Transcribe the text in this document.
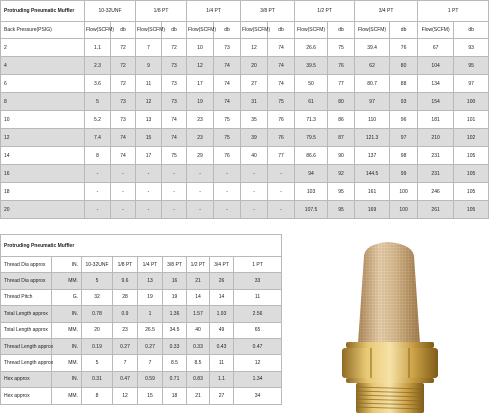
Protruding Pneumatic Muffler	10-32UNF		1/8 PT		1/4 PT		3/8 PT		1/2 PT		3/4 PT		1 PT	
Back Pressure(PSIG)	Flow(SCFM)	db	Flow(SCFM)	db	Flow(SCFM)	db	Flow(SCFM)	db	Flow(SCFM)	db	Flow(SCFM)	db	Flow(SCFM)	db
2	1.1	72	7	72	10	73	12	74	26.6	75	39.4	76	67	93
4	2.3	72	9	73	12	74	20	74	39.5	76	62	80	104	95
6	3.6	72	11	73	17	74	27	74	50	77	80.7	88	134	97
8	5	73	12	73	19	74	31	75	61	80	97	93	154	100
10	5.2	73	13	74	23	75	35	76	71.3	86	110	96	181	101
12	7.4	74	15	74	23	75	39	76	79.5	87	121.3	97	210	102
14	8	74	17	75	29	76	40	77	86.6	90	137	98	231	105
16	-	-	-	-	-	-	-	-	94	92	144.5	99	231	105
18	-	-	-	-	-	-	-	-	103	95	161	100	246	105
20	-	-	-	-	-	-	-	-	107.5	95	169	100	261	105
Protruding Pneumatic Muffler								
Thread Dia approx	IN.	10-32UNF	1/8 PT	1/4 PT	3/8 PT	1/2 PT	3/4 PT	1 PT
Thread Dia approx	MM.	5	9.6	13	16	21	26	33
Thread Pitch	G.	32	28	19	19	14	14	11
Total Length approx	IN.	0.78	0.9	1	1.36	1.57	1.93	2.56
Total Length approx	MM.	20	23	26.5	34.5	40	49	65
Thread Length approx	IN.	0.19	0.27	0.27	0.33	0.33	0.43	0.47
Thread Length approx	MM.	5	7	7	8.5	8.5	11	12
Hex approx	IN.	0.31	0.47	0.59	0.71	0.83	1.1	1.34
Hex approx	MM.	8	12	15	18	21	27	34
